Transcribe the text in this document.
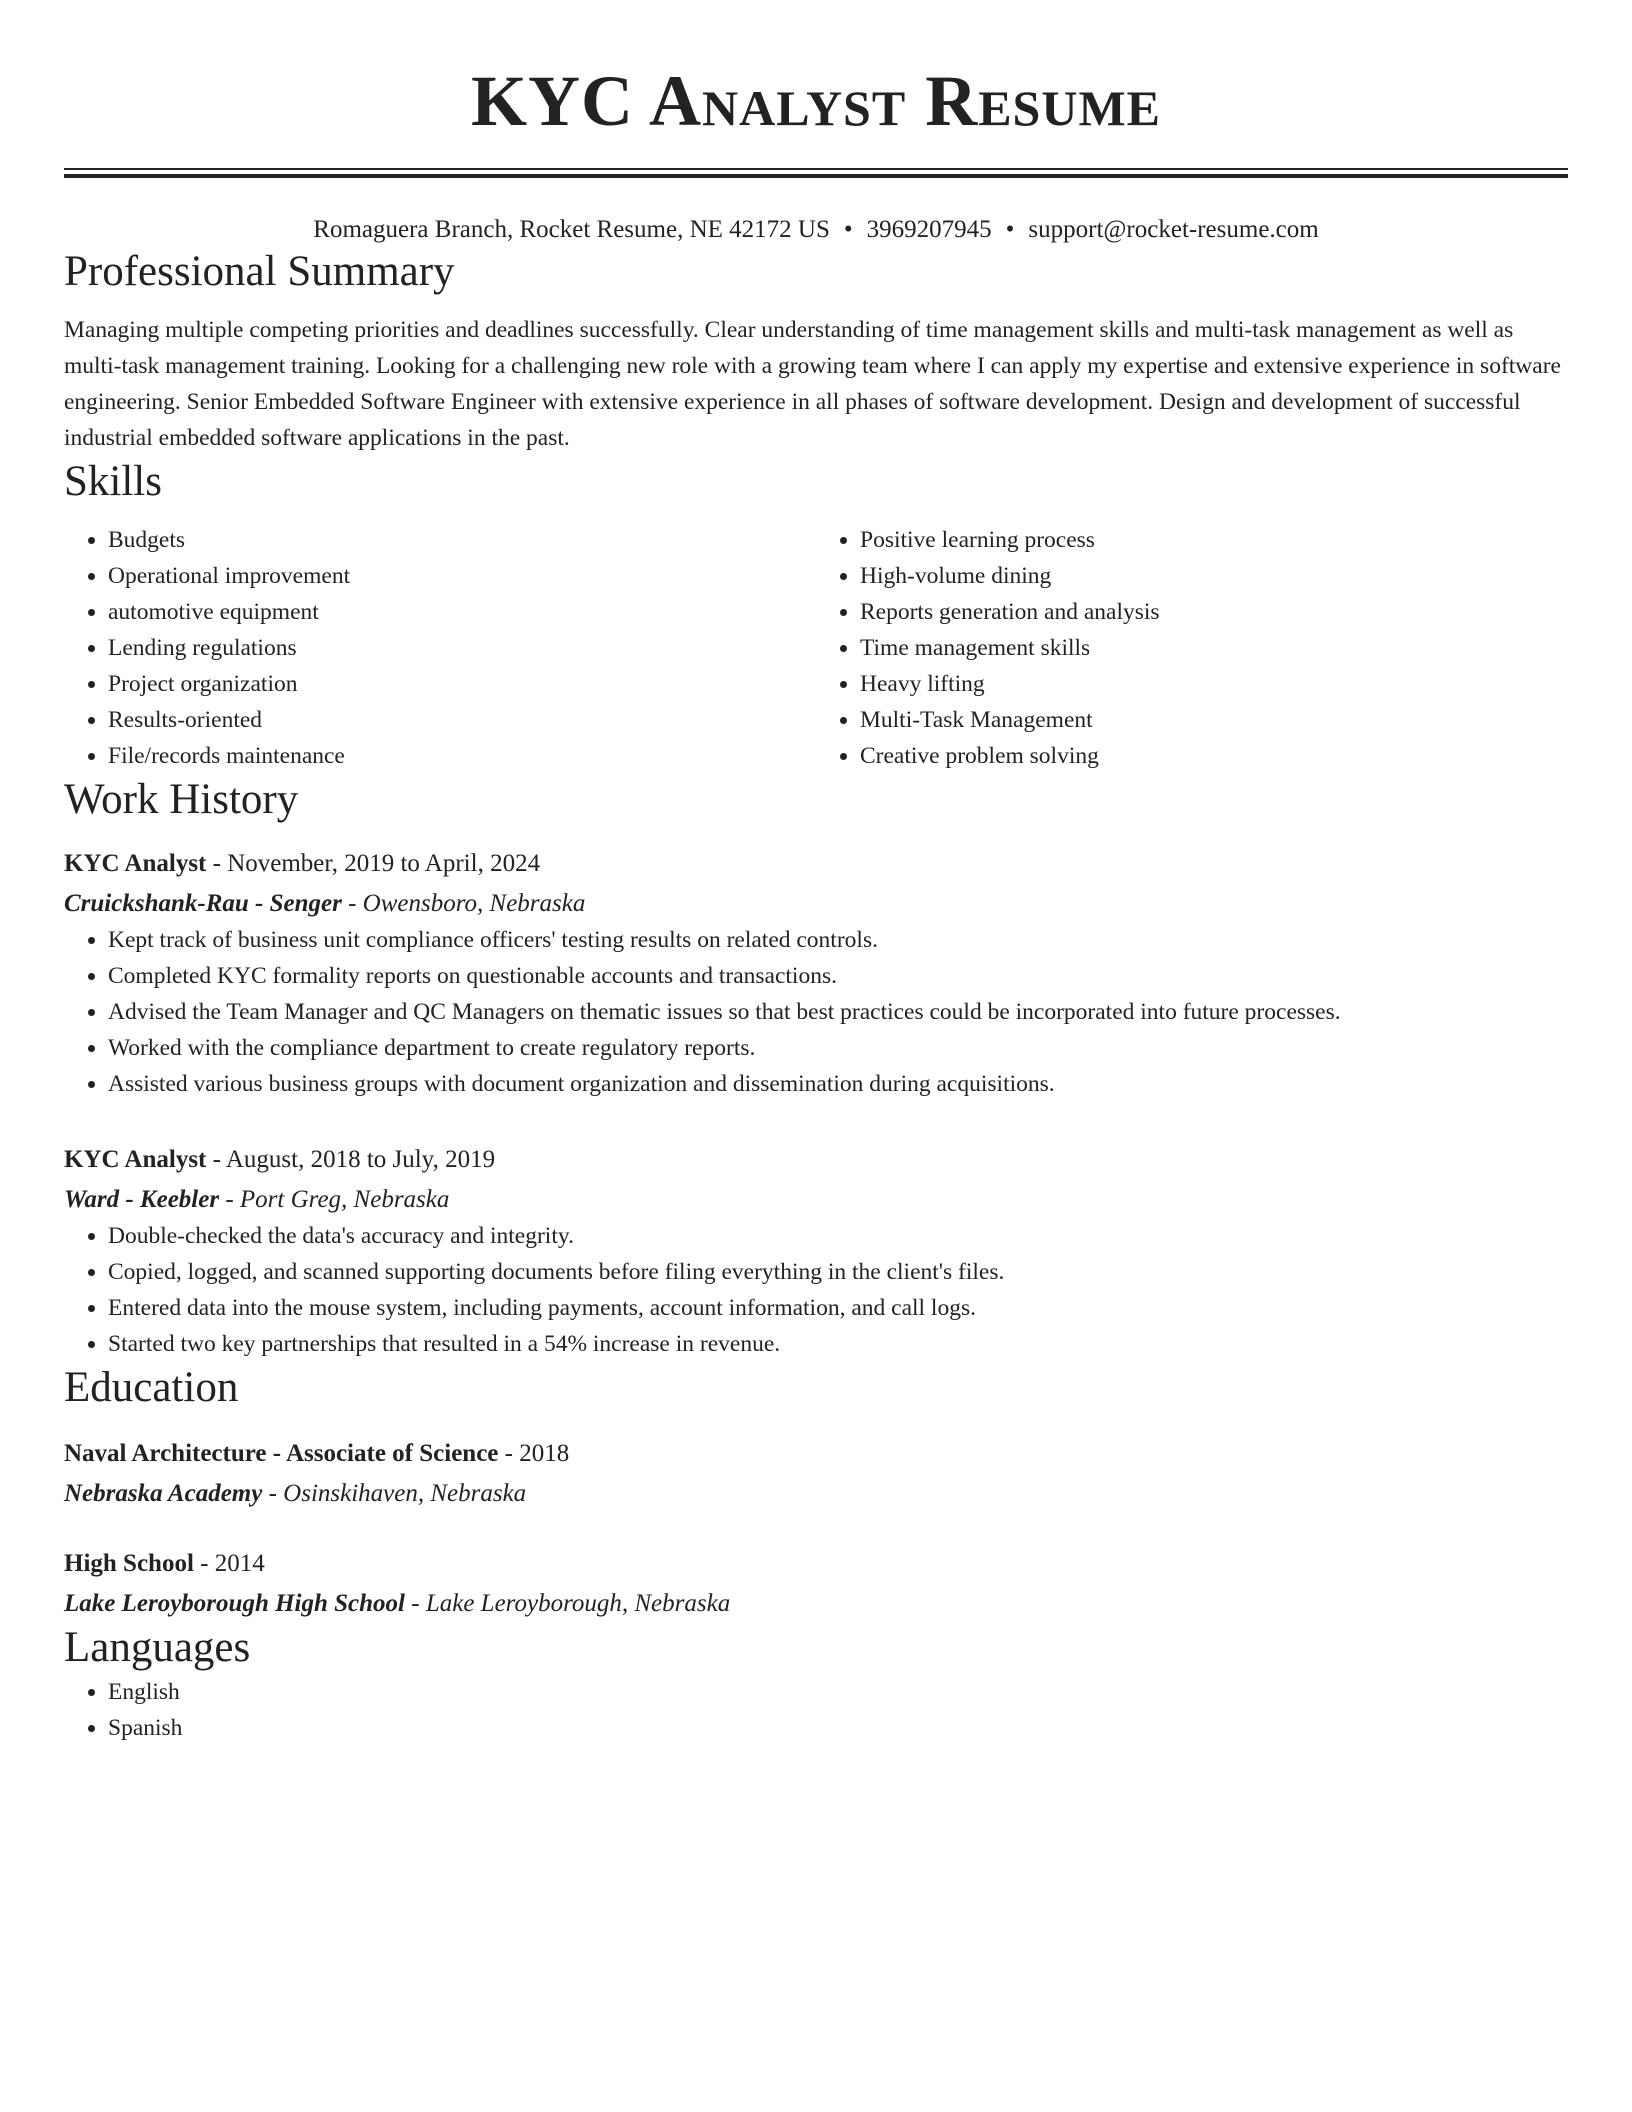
KYC Analyst Resume
Romaguera Branch, Rocket Resume, NE 42172 US • 3969207945 • support@rocket-resume.com
Professional Summary

Managing multiple competing priorities and deadlines successfully. Clear understanding of time management skills and multi-task management as well as multi-task management training. Looking for a challenging new role with a growing team where I can apply my expertise and extensive experience in software engineering. Senior Embedded Software Engineer with extensive experience in all phases of software development. Design and development of successful industrial embedded software applications in the past.

Skills
• Budgets
• Operational improvement
• automotive equipment
• Lending regulations
• Project organization
• Results-oriented
• File/records maintenance
• Positive learning process
• High-volume dining
• Reports generation and analysis
• Time management skills
• Heavy lifting
• Multi-Task Management
• Creative problem solving
Work History
KYC Analyst - November, 2019 to April, 2024
Cruickshank-Rau - Senger - Owensboro, Nebraska
• Kept track of business unit compliance officers' testing results on related controls.
• Completed KYC formality reports on questionable accounts and transactions.
• Advised the Team Manager and QC Managers on thematic issues so that best practices could be incorporated into future processes.
• Worked with the compliance department to create regulatory reports.
• Assisted various business groups with document organization and dissemination during acquisitions.
KYC Analyst - August, 2018 to July, 2019
Ward - Keebler - Port Greg, Nebraska
• Double-checked the data's accuracy and integrity.
• Copied, logged, and scanned supporting documents before filing everything in the client's files.
• Entered data into the mouse system, including payments, account information, and call logs.
• Started two key partnerships that resulted in a 54% increase in revenue.
Education
Naval Architecture - Associate of Science - 2018
Nebraska Academy - Osinskihaven, Nebraska
High School - 2014
Lake Leroyborough High School - Lake Leroyborough, Nebraska
Languages
• English
• Spanish
